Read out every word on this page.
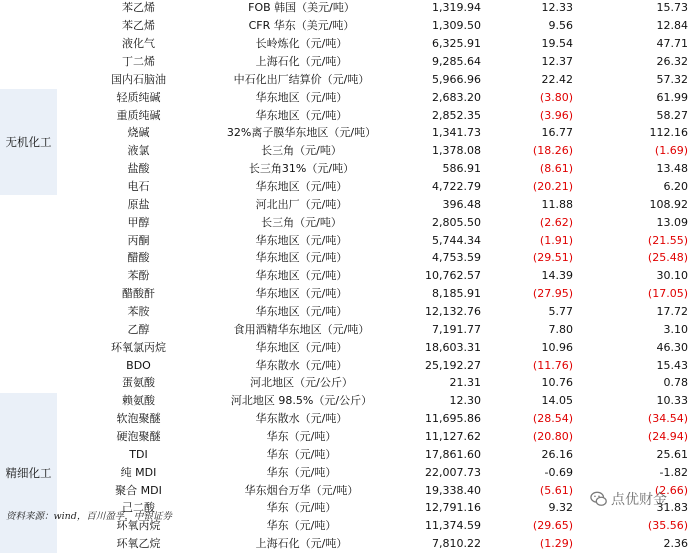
	苯乙烯	FOB 韩国（美元/吨）	1,319.94	12.33	15.73
	苯乙烯	CFR 华东（美元/吨）	1,309.50	9.56	12.84
	液化气	长岭炼化（元/吨）	6,325.91	19.54	47.71
	丁二烯	上海石化（元/吨）	9,285.64	12.37	26.32
	国内石脑油	中石化出厂结算价（元/吨）	5,966.96	22.42	57.32
无机化工	轻质纯碱	华东地区（元/吨）	2,683.20	(3.80)	61.99
	重质纯碱	华东地区（元/吨）	2,852.35	(3.96)	58.27
	烧碱	32%离子膜华东地区（元/吨）	1,341.73	16.77	112.16
	液氯	长三角（元/吨）	1,378.08	(18.26)	(1.69)
	盐酸	长三角31%（元/吨）	586.91	(8.61)	13.48
	电石	华东地区（元/吨）	4,722.79	(20.21)	6.20
	原盐	河北出厂（元/吨）	396.48	11.88	108.92
	甲醇	长三角（元/吨）	2,805.50	(2.62)	13.09
	丙酮	华东地区（元/吨）	5,744.34	(1.91)	(21.55)
	醋酸	华东地区（元/吨）	4,753.59	(29.51)	(25.48)
	苯酚	华东地区（元/吨）	10,762.57	14.39	30.10
	醋酸酐	华东地区（元/吨）	8,185.91	(27.95)	(17.05)
	苯胺	华东地区（元/吨）	12,132.76	5.77	17.72
	乙醇	食用酒精华东地区（元/吨）	7,191.77	7.80	3.10
	环氧氯丙烷	华东地区（元/吨）	18,603.31	10.96	46.30
	BDO	华东散水（元/吨）	25,192.27	(11.76)	15.43
	蛋氨酸	河北地区（元/公斤）	21.31	10.76	0.78
精细化工	赖氨酸	河北地区 98.5%（元/公斤）	12.30	14.05	10.33
	软泡聚醚	华东散水（元/吨）	11,695.86	(28.54)	(34.54)
	硬泡聚醚	华东（元/吨）	11,127.62	(20.80)	(24.94)
	TDI	华东（元/吨）	17,861.60	26.16	25.61
	纯 MDI	华东（元/吨）	22,007.73	-0.69	-1.82
	聚合 MDI	华东烟台万华（元/吨）	19,338.40	(5.61)	(2.66)
	己二酸	华东（元/吨）	12,791.16	9.32	31.83
	环氧丙烷	华东（元/吨）	11,374.59	(29.65)	(35.56)
	环氧乙烷	上海石化（元/吨）	7,810.22	(1.29)	2.36
资料来源：wind，百川盈孚，中银证券
点优财金
